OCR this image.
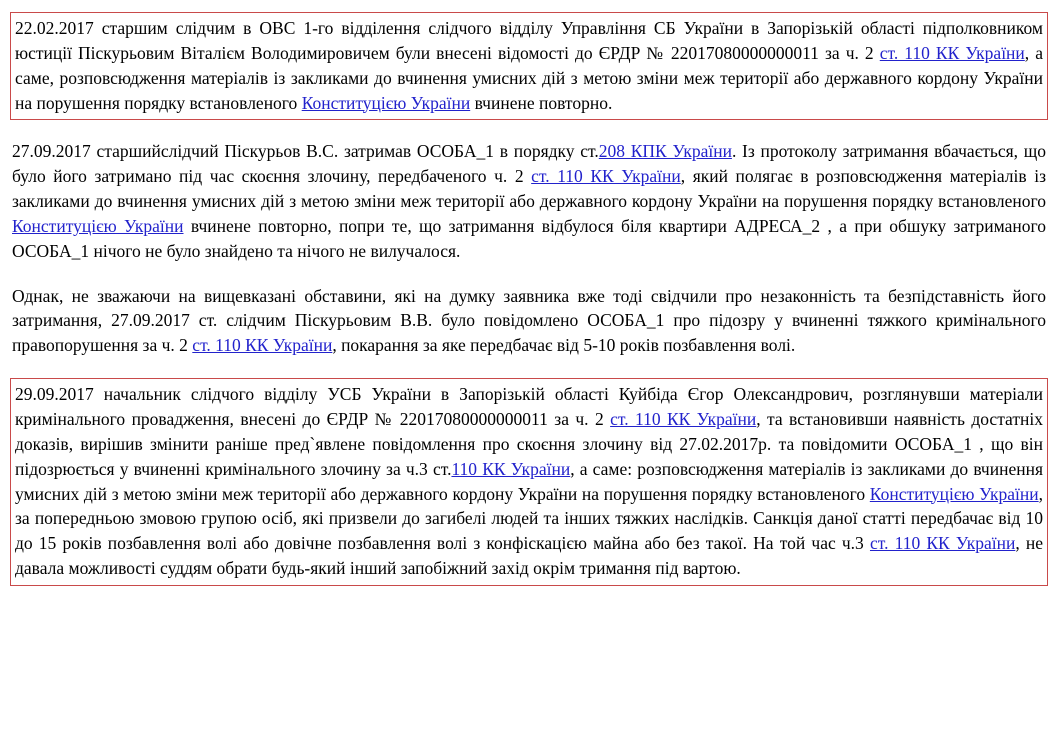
22.02.2017 старшим слідчим в ОВС 1-го відділення слідчого відділу Управління СБ України в Запорізькій області підполковником юстиції Піскурьовим Віталієм Володимировичем були внесені відомості до ЄРДР № 22017080000000011 за ч. 2 ст. 110 КК України, а саме, розповсюдження матеріалів із закликами до вчинення умисних дій з метою зміни меж території або державного кордону України на порушення порядку встановленого Конституцією України вчинене повторно.
27.09.2017 старшийслідчий Піскурьов В.С. затримав ОСОБА_1 в порядку ст.208 КПК України. Із протоколу затримання вбачається, що було його затримано під час скоєння злочину, передбаченого ч. 2 ст. 110 КК України, який полягає в розповсюдження матеріалів із закликами до вчинення умисних дій з метою зміни меж території або державного кордону України на порушення порядку встановленого Конституцією України вчинене повторно, попри те, що затримання відбулося біля квартири АДРЕСА_2 , а при обшуку затриманого ОСОБА_1 нічого не було знайдено та нічого не вилучалося.
Однак, не зважаючи на вищевказані обставини, які на думку заявника вже тоді свідчили про незаконність та безпідставність його затримання, 27.09.2017 ст. слідчим Піскурьовим В.В. було повідомлено ОСОБА_1 про підозру у вчиненні тяжкого кримінального правопорушення за ч. 2 ст. 110 КК України, покарання за яке передбачає від 5-10 років позбавлення волі.
29.09.2017 начальник слідчого відділу УСБ України в Запорізькій області Куйбіда Єгор Олександрович, розглянувши матеріали кримінального провадження, внесені до ЄРДР № 22017080000000011 за ч. 2 ст. 110 КК України, та встановивши наявність достатніх доказів, вирішив змінити раніше пред`явлене повідомлення про скоєння злочину від 27.02.2017р. та повідомити ОСОБА_1 , що він підозрюється у вчиненні кримінального злочину за ч.3 ст.110 КК України, а саме: розповсюдження матеріалів із закликами до вчинення умисних дій з метою зміни меж території або державного кордону України на порушення порядку встановленого Конституцією України, за попередньою змовою групою осіб, які призвели до загибелі людей та інших тяжких наслідків. Санкція даної статті передбачає від 10 до 15 років позбавлення волі або довічне позбавлення волі з конфіскацією майна або без такої. На той час ч.3 ст. 110 КК України, не давала можливості суддям обрати будь-який інший запобіжний захід окрім тримання під вартою.
